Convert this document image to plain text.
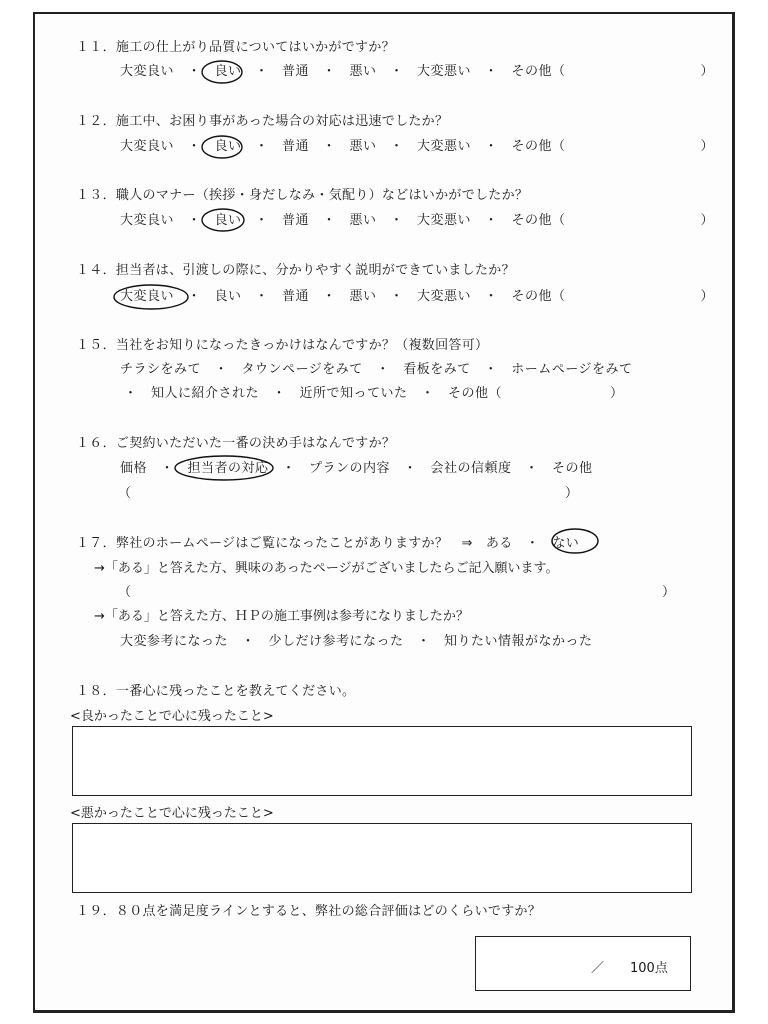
１１．施工の仕上がり品質についてはいかがですか？
大変良い　・　良い　・　普通　・　悪い　・　大変悪い　・　その他（　　　　　　　　　　）
１２．施工中、お困り事があった場合の対応は迅速でしたか？
大変良い　・　良い　・　普通　・　悪い　・　大変悪い　・　その他（　　　　　　　　　　）
１３．職人のマナー（挨拶・身だしなみ・気配り）などはいかがでしたか？
大変良い　・　良い　・　普通　・　悪い　・　大変悪い　・　その他（　　　　　　　　　　）
１４．担当者は、引渡しの際に、分かりやすく説明ができていましたか？
大変良い　・　良い　・　普通　・　悪い　・　大変悪い　・　その他（　　　　　　　　　　）
１５．当社をお知りになったきっかけはなんですか？（複数回答可）
チラシをみて　・　タウンページをみて　・　看板をみて　・　ホームページをみて
・　知人に紹介された　・　近所で知っていた　・　その他（　　　　　　　　）
１６．ご契約いただいた一番の決め手はなんですか？
価格　・　担当者の対応　・　プランの内容　・　会社の信頼度　・　その他
（	）
１７．弊社のホームページはご覧になったことがありますか？　⇒　ある　・　ない
→「ある」と答えた方、興味のあったページがございましたらご記入願います。
（	）
→「ある」と答えた方、ＨＰの施工事例は参考になりましたか？
大変参考になった　・　少しだけ参考になった　・　知りたい情報がなかった
１８．一番心に残ったことを教えてください。
<良かったことで心に残ったこと>
<悪かったことで心に残ったこと>
１９．８０点を満足度ラインとすると、弊社の総合評価はどのくらいですか？
／　　100点
